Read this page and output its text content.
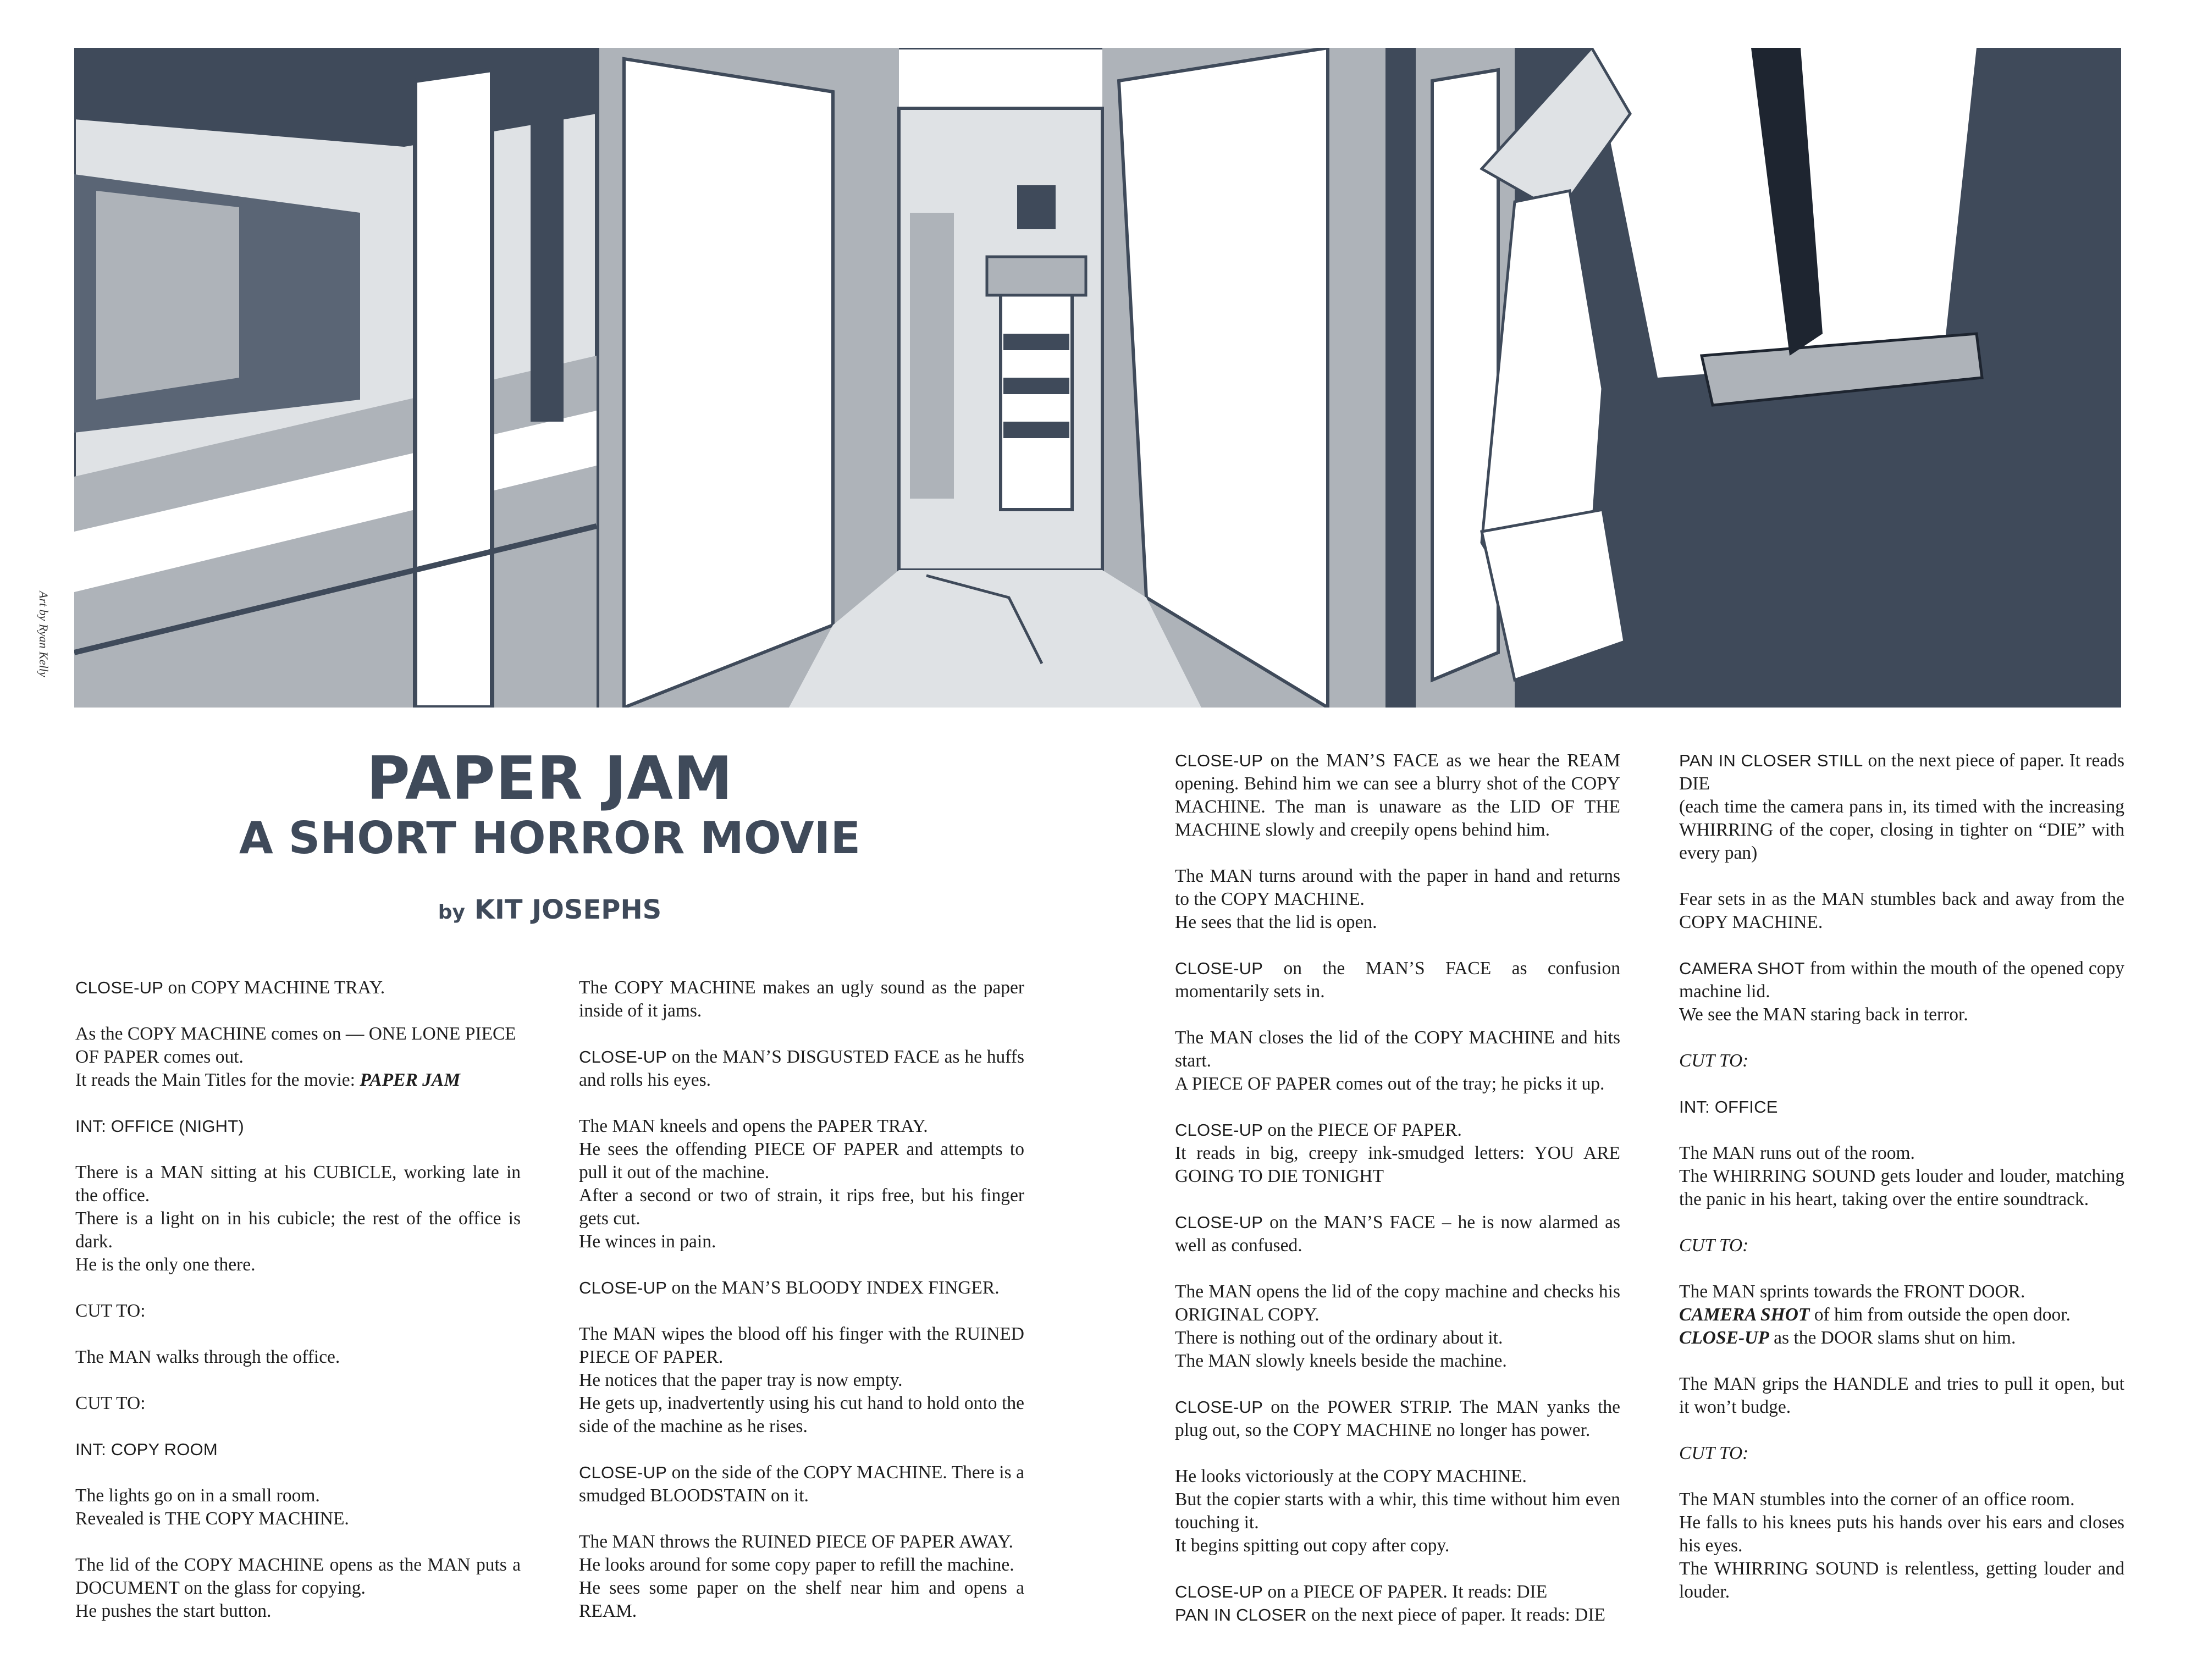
Art by Ryan Kelly
PAPER JAM
A SHORT HORROR MOVIE
by KIT JOSEPHS

CLOSE-UP on COPY MACHINE TRAY.

As the COPY MACHINE comes on — ONE LONE PIECE OF PAPER comes out.

It reads the Main Titles for the movie: PAPER JAM

INT: OFFICE (NIGHT)

There is a MAN sitting at his CUBICLE, working late in the office.

There is a light on in his cubicle; the rest of the office is dark.

He is the only one there.

CUT TO:

The MAN walks through the office.

CUT TO:

INT: COPY ROOM

The lights go on in a small room.

Revealed is THE COPY MACHINE.

The lid of the COPY MACHINE opens as the MAN puts a DOCUMENT on the glass for copying.

He pushes the start button.

The COPY MACHINE makes an ugly sound as the paper inside of it jams.

CLOSE-UP on the MAN’S DISGUSTED FACE as he huffs and rolls his eyes.

The MAN kneels and opens the PAPER TRAY.

He sees the offending PIECE OF PAPER and attempts to pull it out of the machine.

After a second or two of strain, it rips free, but his finger gets cut.

He winces in pain.

CLOSE-UP on the MAN’S BLOODY INDEX FINGER.

The MAN wipes the blood off his finger with the RUINED PIECE OF PAPER.

He notices that the paper tray is now empty.

He gets up, inadvertently using his cut hand to hold onto the side of the machine as he rises.

CLOSE-UP on the side of the COPY MACHINE. There is a smudged BLOODSTAIN on it.

The MAN throws the RUINED PIECE OF PAPER AWAY.

He looks around for some copy paper to refill the machine.

He sees some paper on the shelf near him and opens a REAM.

CLOSE-UP on the MAN’S FACE as we hear the REAM opening. Behind him we can see a blurry shot of the COPY MACHINE. The man is unaware as the LID OF THE MACHINE slowly and creepily opens behind him.

The MAN turns around with the paper in hand and returns to the COPY MACHINE.

He sees that the lid is open.

CLOSE-UP on the MAN’S FACE as confusion momentarily sets in.

The MAN closes the lid of the COPY MACHINE and hits start.

A PIECE OF PAPER comes out of the tray; he picks it up.

CLOSE-UP on the PIECE OF PAPER.

It reads in big, creepy ink-smudged letters: YOU ARE GOING TO DIE TONIGHT

CLOSE-UP on the MAN’S FACE – he is now alarmed as well as confused.

The MAN opens the lid of the copy machine and checks his ORIGINAL COPY.

There is nothing out of the ordinary about it.

The MAN slowly kneels beside the machine.

CLOSE-UP on the POWER STRIP. The MAN yanks the plug out, so the COPY MACHINE no longer has power.

He looks victoriously at the COPY MACHINE.

But the copier starts with a whir, this time without him even touching it.

It begins spitting out copy after copy.

CLOSE-UP on a PIECE OF PAPER. It reads: DIE

PAN IN CLOSER on the next piece of paper. It reads: DIE

PAN IN CLOSER STILL on the next piece of paper. It reads DIE

(each time the camera pans in, its timed with the increasing WHIRRING of the coper, closing in tighter on “DIE” with every pan)

Fear sets in as the MAN stumbles back and away from the COPY MACHINE.

CAMERA SHOT from within the mouth of the opened copy machine lid.

We see the MAN staring back in terror.

CUT TO:

INT: OFFICE

The MAN runs out of the room.

The WHIRRING SOUND gets louder and louder, matching the panic in his heart, taking over the entire soundtrack.

CUT TO:

The MAN sprints towards the FRONT DOOR.

CAMERA SHOT of him from outside the open door.

CLOSE-UP as the DOOR slams shut on him.

The MAN grips the HANDLE and tries to pull it open, but it won’t budge.

CUT TO:

The MAN stumbles into the corner of an office room.

He falls to his knees puts his hands over his ears and closes his eyes.

The WHIRRING SOUND is relentless, getting louder and louder.
